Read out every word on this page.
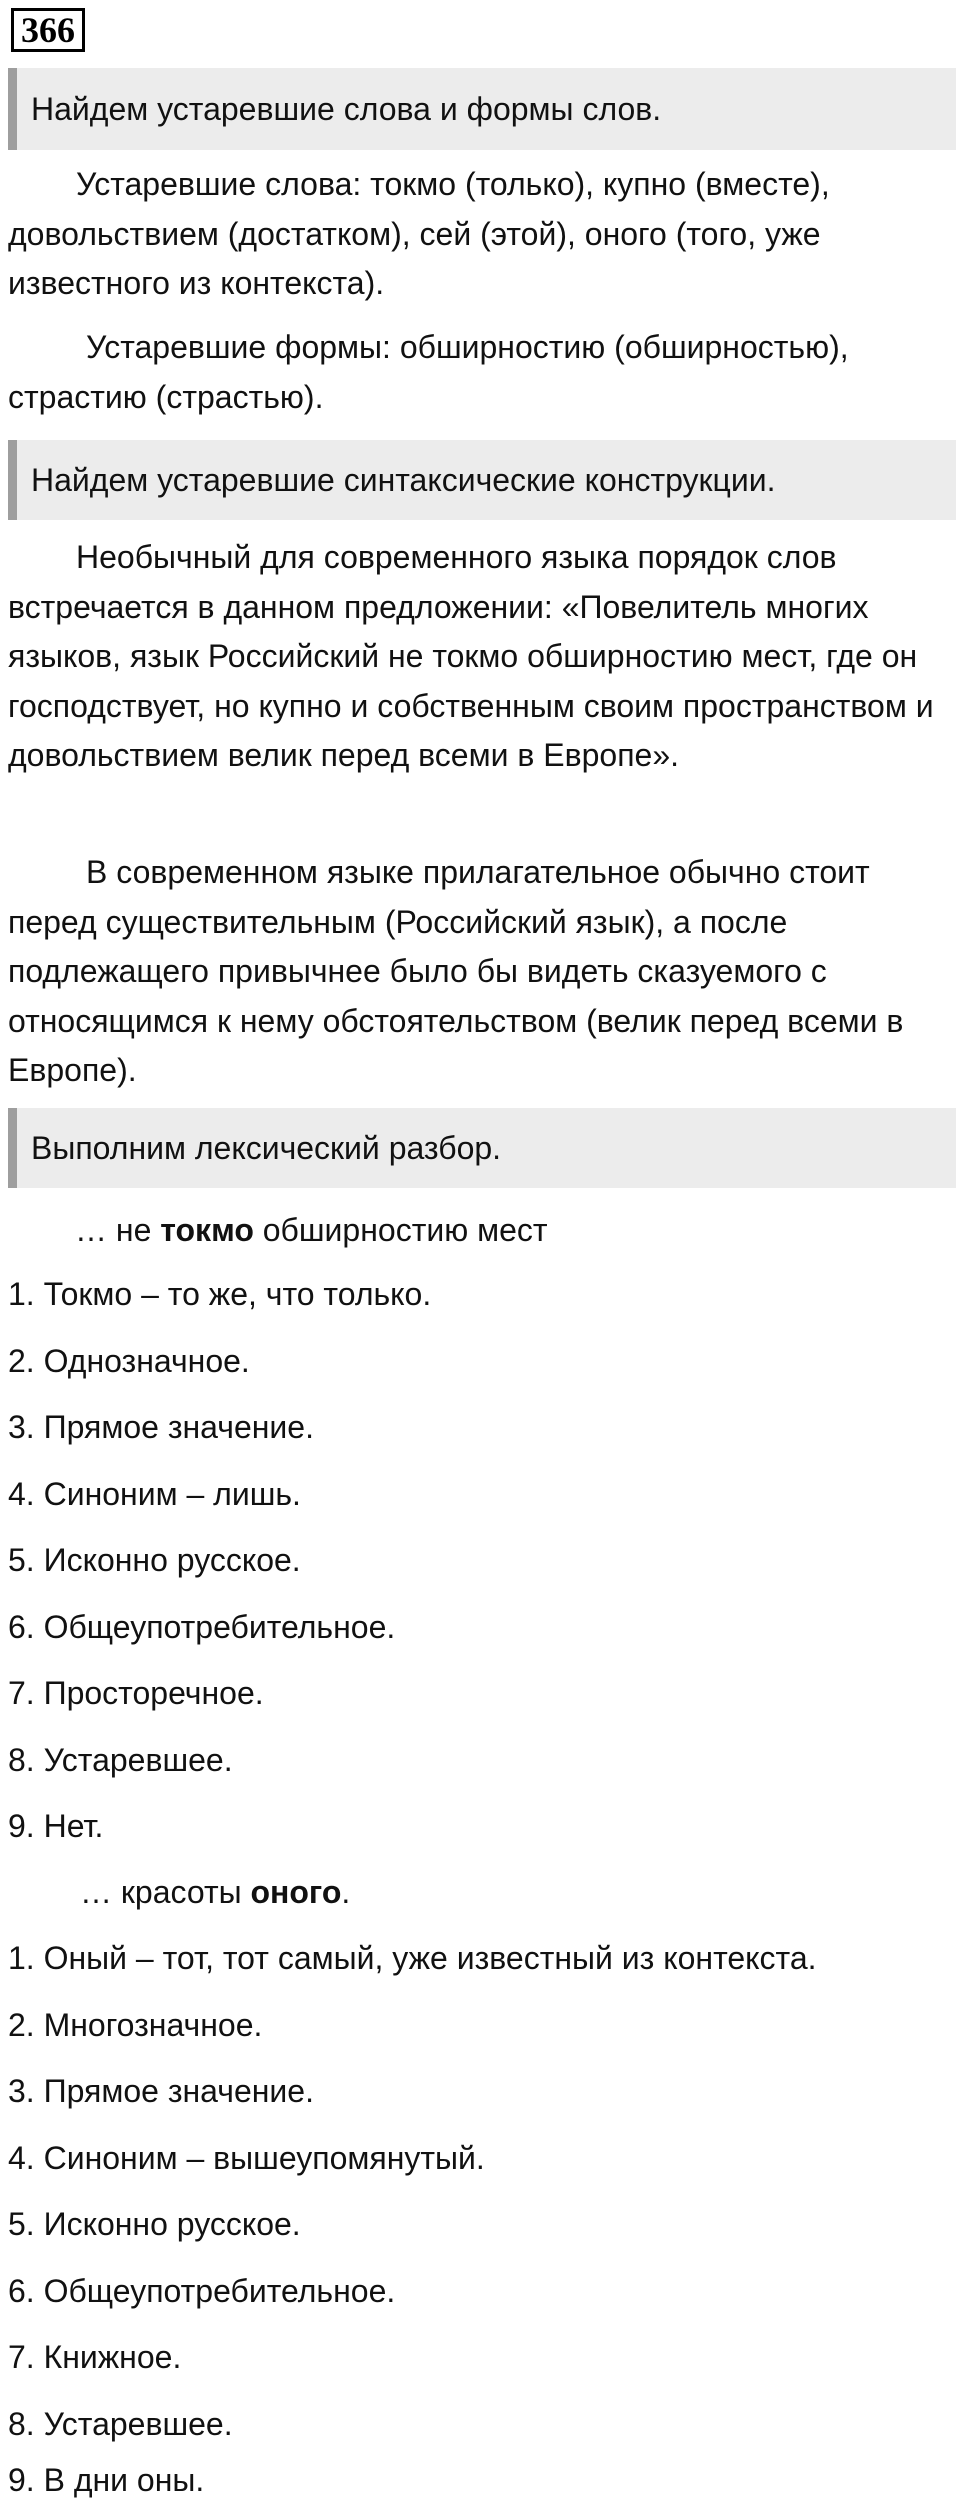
366
Найдем устаревшие слова и формы слов.

Устаревшие слова: токмо (только), купно (вместе), довольствием (достатком), сей (этой), оного (того, уже известного из контекста).

Устаревшие формы: обширностию (обширностью), страстию (страстью).

Найдем устаревшие синтаксические конструкции.

Необычный для современного языка порядок слов встречается в данном предложении: «Повелитель многих языков, язык Российский не токмо обширностию мест, где он господствует, но купно и собственным своим пространством и довольствием велик перед всеми в Европе».

В современном языке прилагательное обычно стоит перед существительным (Российский язык), а после подлежащего привычнее было бы видеть сказуемого с относящимся к нему обстоятельством (велик перед всеми в Европе).

Выполним лексический разбор.
… не токмо обширностию мест
1. Токмо – то же, что только.
2. Однозначное.
3. Прямое значение.
4. Синоним – лишь.
5. Исконно русское.
6. Общеупотребительное.
7. Просторечное.
8. Устаревшее.
9. Нет.
… красоты оного.
1. Оный – тот, тот самый, уже известный из контекста.
2. Многозначное.
3. Прямое значение.
4. Синоним – вышеупомянутый.
5. Исконно русское.
6. Общеупотребительное.
7. Книжное.
8. Устаревшее.
9. В дни оны.
